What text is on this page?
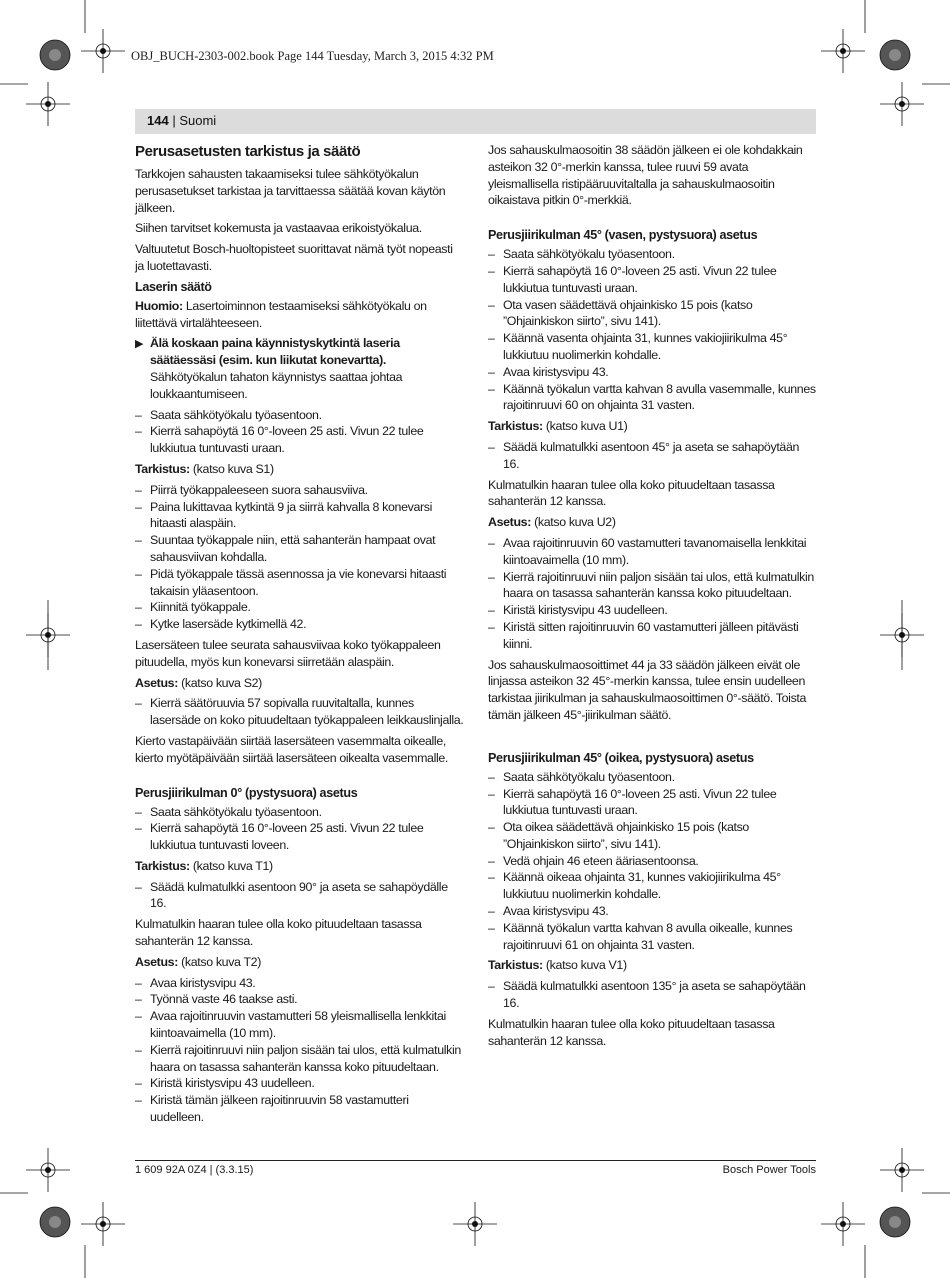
OBJ_BUCH-2303-002.book Page 144 Tuesday, March 3, 2015 4:32 PM
144 | Suomi
Perusasetusten tarkistus ja säätö

Tarkkojen sahausten takaamiseksi tulee sähkötyökalun perusasetukset tarkistaa ja tarvittaessa säätää kovan käytön jälkeen.

Siihen tarvitset kokemusta ja vastaavaa erikoistyökalua.

Valtuutetut Bosch-huoltopisteet suorittavat nämä työt nopeasti ja luotettavasti.

Laserin säätö

Huomio: Lasertoiminnon testaamiseksi sähkötyökalu on liitettävä virtalähteeseen.

▶ Älä koskaan paina käynnistyskytkintä laseria säätäessäsi (esim. kun liikutat konevartta). Sähkötyökalun tahaton käynnistys saattaa johtaa loukkaantumiseen.
– Saata sähkötyökalu työasentoon.
– Kierrä sahapöytä 16 0°-loveen 25 asti. Vivun 22 tulee lukkiutua tuntuvasti uraan.

Tarkistus: (katso kuva S1)

– Piirrä työkappaleeseen suora sahausviiva.
– Paina lukittavaa kytkintä 9 ja siirrä kahvalla 8 konevarsi hitaasti alaspäin.
– Suuntaa työkappale niin, että sahanterän hampaat ovat sahausviivan kohdalla.
– Pidä työkappale tässä asennossa ja vie konevarsi hitaasti takaisin yläasentoon.
– Kiinnitä työkappale.
– Kytke lasersäde kytkimellä 42.

Lasersäteen tulee seurata sahausviivaa koko työkappaleen pituudella, myös kun konevarsi siirretään alaspäin.

Asetus: (katso kuva S2)

– Kierrä säätöruuvia 57 sopivalla ruuvitaltalla, kunnes lasersäde on koko pituudeltaan työkappaleen leikkauslinjalla.

Kierto vastapäivään siirtää lasersäteen vasemmalta oikealle, kierto myötäpäivään siirtää lasersäteen oikealta vasemmalle.

Perusjiirikulman 0° (pystysuora) asetus
– Saata sähkötyökalu työasentoon.
– Kierrä sahapöytä 16 0°-loveen 25 asti. Vivun 22 tulee lukkiutua tuntuvasti loveen.

Tarkistus: (katso kuva T1)

– Säädä kulmatulkki asentoon 90° ja aseta se sahapöydälle 16.

Kulmatulkin haaran tulee olla koko pituudeltaan tasassa sahanterän 12 kanssa.

Asetus: (katso kuva T2)

– Avaa kiristysvipu 43.
– Työnnä vaste 46 taakse asti.
– Avaa rajoitinruuvin vastamutteri 58 yleismallisella lenkkitai kiintoavaimella (10 mm).
– Kierrä rajoitinruuvi niin paljon sisään tai ulos, että kulmatulkin haara on tasassa sahanterän kanssa koko pituudeltaan.
– Kiristä kiristysvipu 43 uudelleen.
– Kiristä tämän jälkeen rajoitinruuvin 58 vastamutteri uudelleen.

Jos sahauskulmaosoitin 38 säädön jälkeen ei ole kohdakkain asteikon 32 0°-merkin kanssa, tulee ruuvi 59 avata yleismallisella ristipääruuvitaltalla ja sahauskulmaosoitin oikaistava pitkin 0°-merkkiä.

Perusjiirikulman 45° (vasen, pystysuora) asetus
– Saata sähkötyökalu työasentoon.
– Kierrä sahapöytä 16 0°-loveen 25 asti. Vivun 22 tulee lukkiutua tuntuvasti uraan.
– Ota vasen säädettävä ohjainkisko 15 pois (katso ”Ohjainkiskon siirto”, sivu 141).
– Käännä vasenta ohjainta 31, kunnes vakiojiirikulma 45° lukkiutuu nuolimerkin kohdalle.
– Avaa kiristysvipu 43.
– Käännä työkalun vartta kahvan 8 avulla vasemmalle, kunnes rajoitinruuvi 60 on ohjainta 31 vasten.

Tarkistus: (katso kuva U1)

– Säädä kulmatulkki asentoon 45° ja aseta se sahapöytään 16.

Kulmatulkin haaran tulee olla koko pituudeltaan tasassa sahanterän 12 kanssa.

Asetus: (katso kuva U2)

– Avaa rajoitinruuvin 60 vastamutteri tavanomaisella lenkkitai kiintoavaimella (10 mm).
– Kierrä rajoitinruuvi niin paljon sisään tai ulos, että kulmatulkin haara on tasassa sahanterän kanssa koko pituudeltaan.
– Kiristä kiristysvipu 43 uudelleen.
– Kiristä sitten rajoitinruuvin 60 vastamutteri jälleen pitävästi kiinni.

Jos sahauskulmaosoittimet 44 ja 33 säädön jälkeen eivät ole linjassa asteikon 32 45°-merkin kanssa, tulee ensin uudelleen tarkistaa jiirikulman ja sahauskulmaosoittimen 0°-säätö. Toista tämän jälkeen 45°-jiirikulman säätö.

Perusjiirikulman 45° (oikea, pystysuora) asetus
– Saata sähkötyökalu työasentoon.
– Kierrä sahapöytä 16 0°-loveen 25 asti. Vivun 22 tulee lukkiutua tuntuvasti uraan.
– Ota oikea säädettävä ohjainkisko 15 pois (katso ”Ohjainkiskon siirto”, sivu 141).
– Vedä ohjain 46 eteen ääriasentoonsa.
– Käännä oikeaa ohjainta 31, kunnes vakiojiirikulma 45° lukkiutuu nuolimerkin kohdalle.
– Avaa kiristysvipu 43.
– Käännä työkalun vartta kahvan 8 avulla oikealle, kunnes rajoitinruuvi 61 on ohjainta 31 vasten.

Tarkistus: (katso kuva V1)

– Säädä kulmatulkki asentoon 135° ja aseta se sahapöytään 16.

Kulmatulkin haaran tulee olla koko pituudeltaan tasassa sahanterän 12 kanssa.

1 609 92A 0Z4 | (3.3.15)	Bosch Power Tools
